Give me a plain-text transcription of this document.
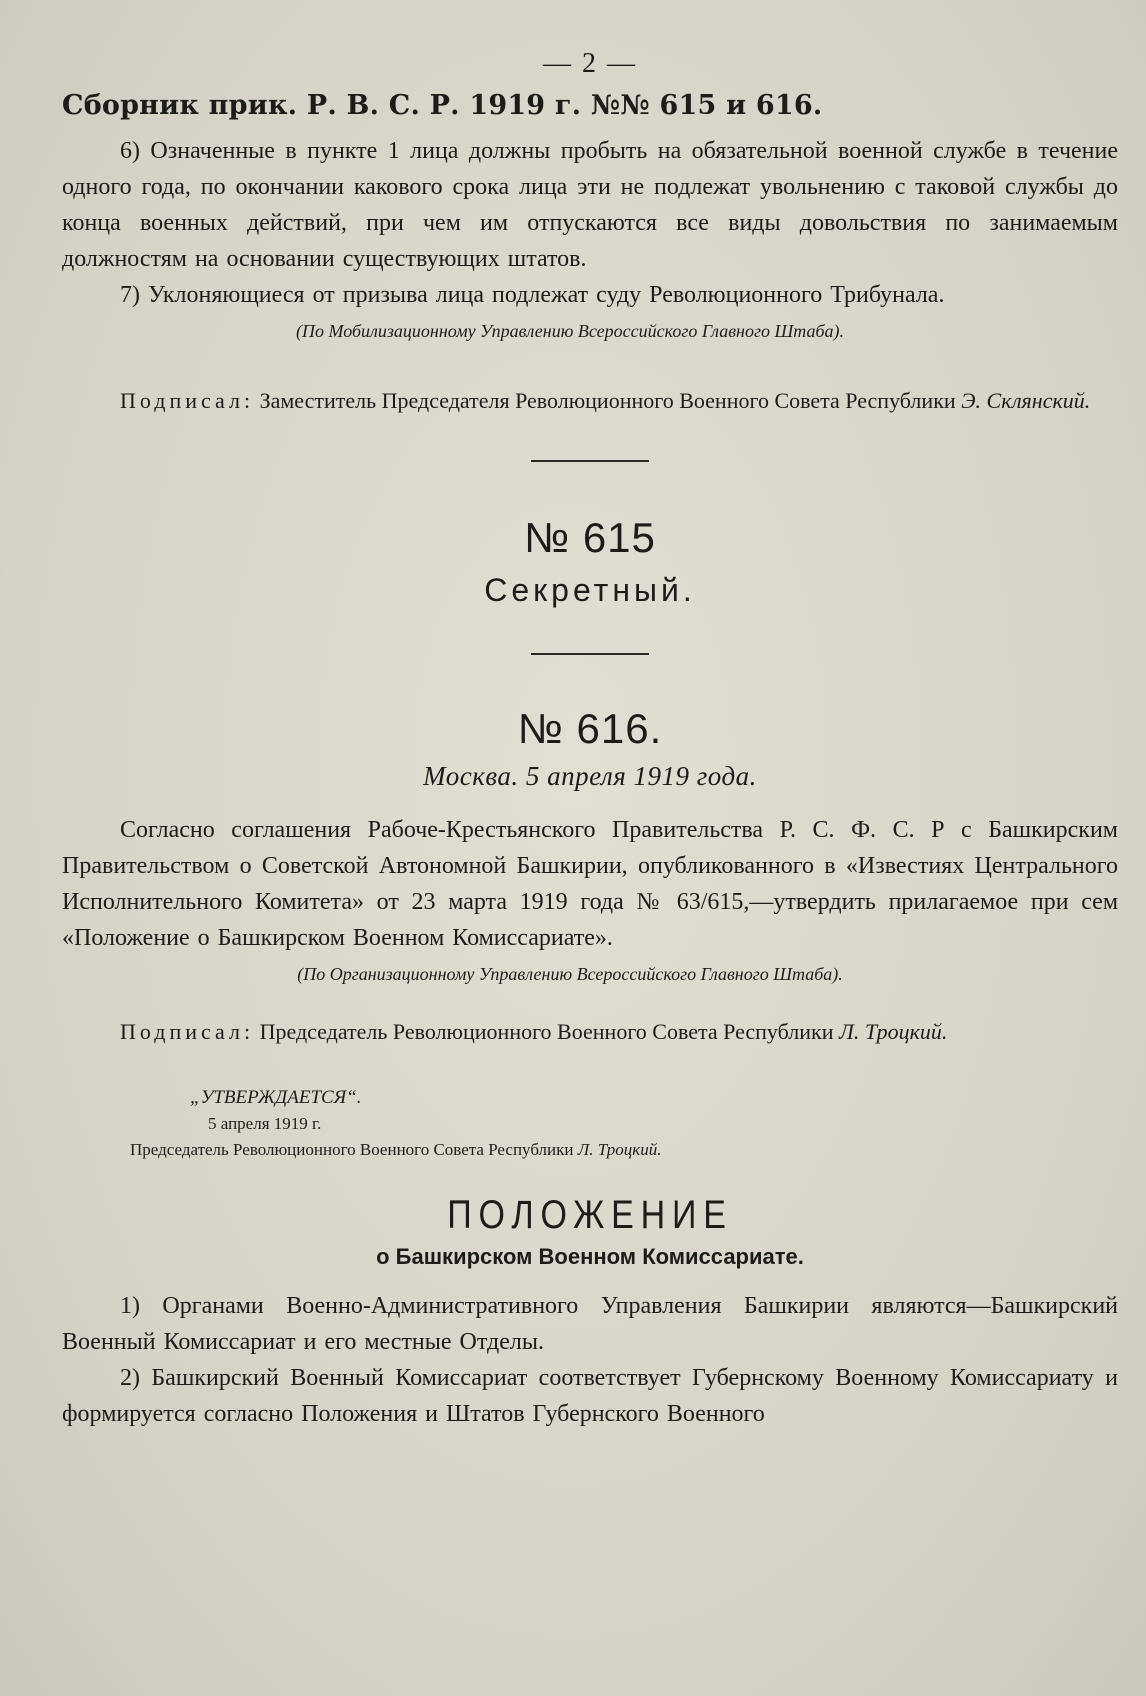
— 2 —
Сборник прик. Р. В. С. Р. 1919 г. №№ 615 и 616.

6) Означенные в пункте 1 лица должны пробыть на обязательной военной службе в течение одного года, по окончании какового срока лица эти не подлежат увольнению с таковой службы до конца военных действий, при чем им отпускаются все виды довольствия по занимаемым должностям на основании существующих штатов.

7) Уклоняющиеся от призыва лица подлежат суду Революционного Трибунала.

(По Мобилизационному Управлению Всероссийского Главного Штаба).

Подписал: Заместитель Председателя Революционного Военного Совета Республики Э. Склянский.

№ 615
Секретный.
№ 616.
Москва. 5 апреля 1919 года.

Согласно соглашения Рабоче-Крестьянского Правительства Р. С. Ф. С. Р с Башкирским Правительством о Советской Автономной Башкирии, опубликованного в «Известиях Центрального Исполнительного Комитета» от 23 марта 1919 года № 63/615,—утвердить прилагаемое при сем «Положение о Башкирском Военном Комиссариате».

(По Организационному Управлению Всероссийского Главного Штаба).

Подписал: Председатель Революционного Военного Совета Республики Л. Троцкий.

„УТВЕРЖДАЕТСЯ“.
5 апреля 1919 г.
Председатель Революционного Военного Совета Республики Л. Троцкий.
ПОЛОЖЕНИЕ
о Башкирском Военном Комиссариате.

1) Органами Военно-Административного Управления Башкирии являются—Башкирский Военный Комиссариат и его местные Отделы.

2) Башкирский Военный Комиссариат соответствует Губернскому Военному Комиссариату и формируется согласно Положения и Штатов Губернского Военного
